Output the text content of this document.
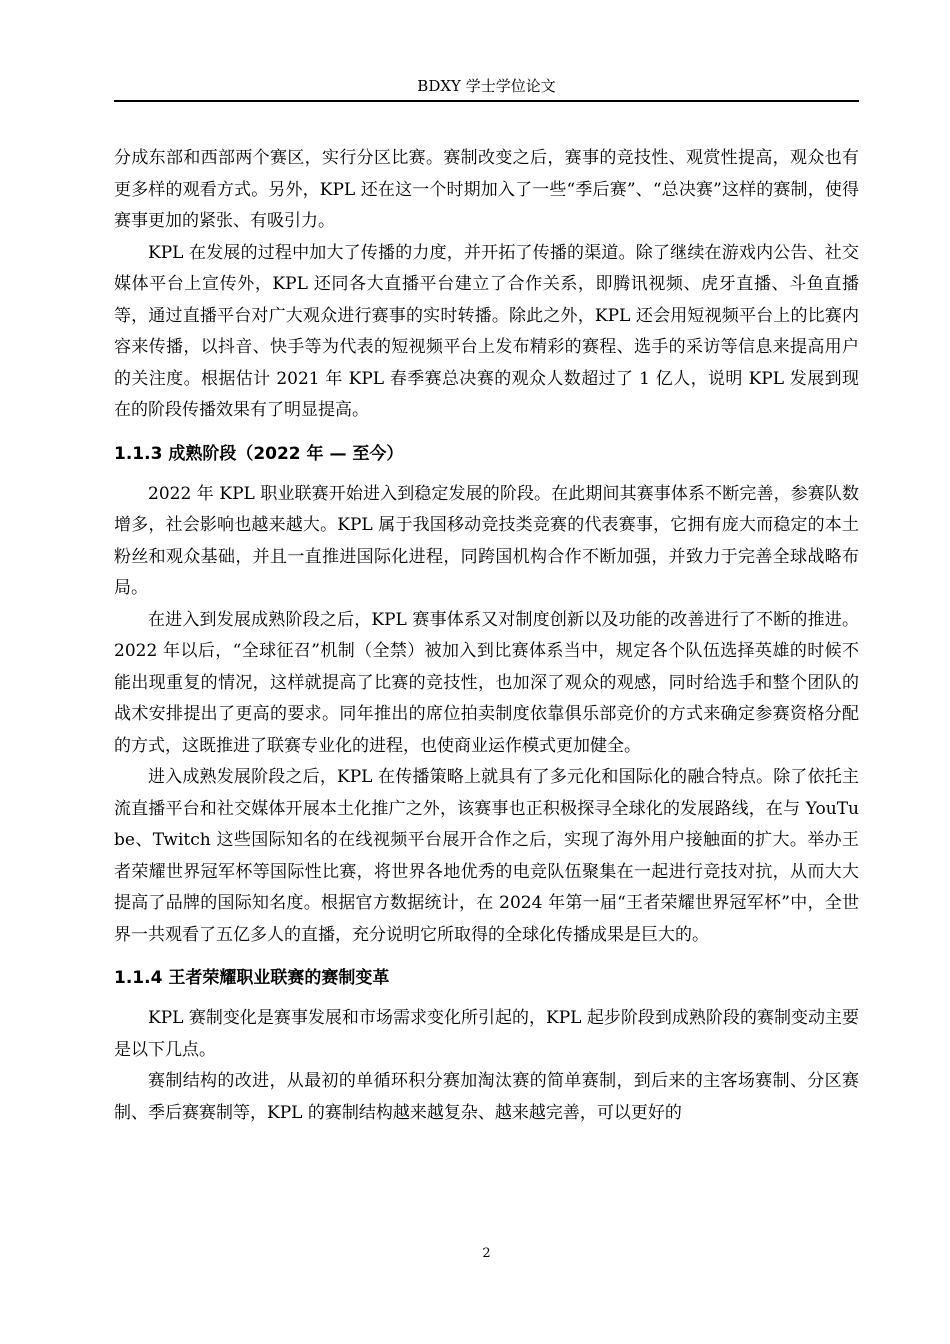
BDXY 学士学位论文

分成东部和西部两个赛区，实行分区比赛。赛制改变之后，赛事的竞技性、观赏性提高，观众也有更多样的观看方式。另外，KPL 还在这一个时期加入了一些“季后赛”、“总决赛”这样的赛制，使得赛事更加的紧张、有吸引力。

KPL 在发展的过程中加大了传播的力度，并开拓了传播的渠道。除了继续在游戏内公告、社交媒体平台上宣传外，KPL 还同各大直播平台建立了合作关系，即腾讯视频、虎牙直播、斗鱼直播等，通过直播平台对广大观众进行赛事的实时转播。除此之外，KPL 还会用短视频平台上的比赛内容来传播，以抖音、快手等为代表的短视频平台上发布精彩的赛程、选手的采访等信息来提高用户的关注度。根据估计 2021 年 KPL 春季赛总决赛的观众人数超过了 1 亿人，说明 KPL 发展到现在的阶段传播效果有了明显提高。

1.1.3 成熟阶段（2022 年 — 至今）

2022 年 KPL 职业联赛开始进入到稳定发展的阶段。在此期间其赛事体系不断完善，参赛队数增多，社会影响也越来越大。KPL 属于我国移动竞技类竞赛的代表赛事，它拥有庞大而稳定的本土粉丝和观众基础，并且一直推进国际化进程，同跨国机构合作不断加强，并致力于完善全球战略布局。

在进入到发展成熟阶段之后，KPL 赛事体系又对制度创新以及功能的改善进行了不断的推进。2022 年以后，“全球征召”机制（全禁）被加入到比赛体系当中，规定各个队伍选择英雄的时候不能出现重复的情况，这样就提高了比赛的竞技性，也加深了观众的观感，同时给选手和整个团队的战术安排提出了更高的要求。同年推出的席位拍卖制度依靠俱乐部竞价的方式来确定参赛资格分配的方式，这既推进了联赛专业化的进程，也使商业运作模式更加健全。

进入成熟发展阶段之后，KPL 在传播策略上就具有了多元化和国际化的融合特点。除了依托主流直播平台和社交媒体开展本土化推广之外，该赛事也正积极探寻全球化的发展路线，在与 YouTube、Twitch 这些国际知名的在线视频平台展开合作之后，实现了海外用户接触面的扩大。举办王者荣耀世界冠军杯等国际性比赛，将世界各地优秀的电竞队伍聚集在一起进行竞技对抗，从而大大提高了品牌的国际知名度。根据官方数据统计，在 2024 年第一届“王者荣耀世界冠军杯”中，全世界一共观看了五亿多人的直播，充分说明它所取得的全球化传播成果是巨大的。

1.1.4 王者荣耀职业联赛的赛制变革

KPL 赛制变化是赛事发展和市场需求变化所引起的，KPL 起步阶段到成熟阶段的赛制变动主要是以下几点。

赛制结构的改进，从最初的单循环积分赛加淘汰赛的简单赛制，到后来的主客场赛制、分区赛制、季后赛赛制等，KPL 的赛制结构越来越复杂、越来越完善，可以更好的

2
